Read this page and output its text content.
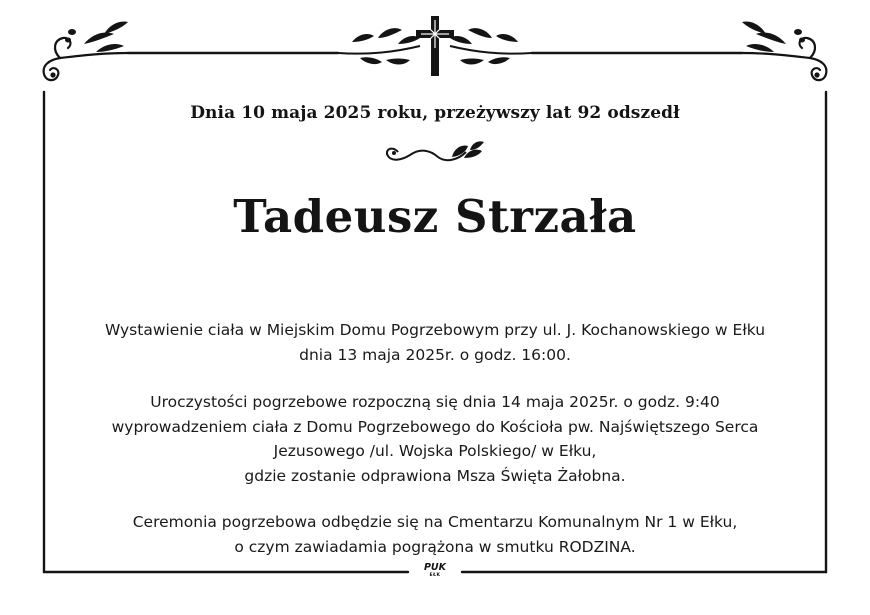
Dnia 10 maja 2025 roku, przeżywszy lat 92 odszedł
Tadeusz Strzała
Wystawienie ciała w Miejskim Domu Pogrzebowym przy ul. J. Kochanowskiego w Ełku
dnia 13 maja 2025r. o godz. 16:00.
Uroczystości pogrzebowe rozpoczną się dnia 14 maja 2025r. o godz. 9:40
wyprowadzeniem ciała z Domu Pogrzebowego do Kościoła pw. Najświętszego Serca
Jezusowego /ul. Wojska Polskiego/ w Ełku,
gdzie zostanie odprawiona Msza Święta Żałobna.
Ceremonia pogrzebowa odbędzie się na Cmentarzu Komunalnym Nr 1 w Ełku,
o czym zawiadamia pogrążona w smutku RODZINA.
PUK
EŁK
